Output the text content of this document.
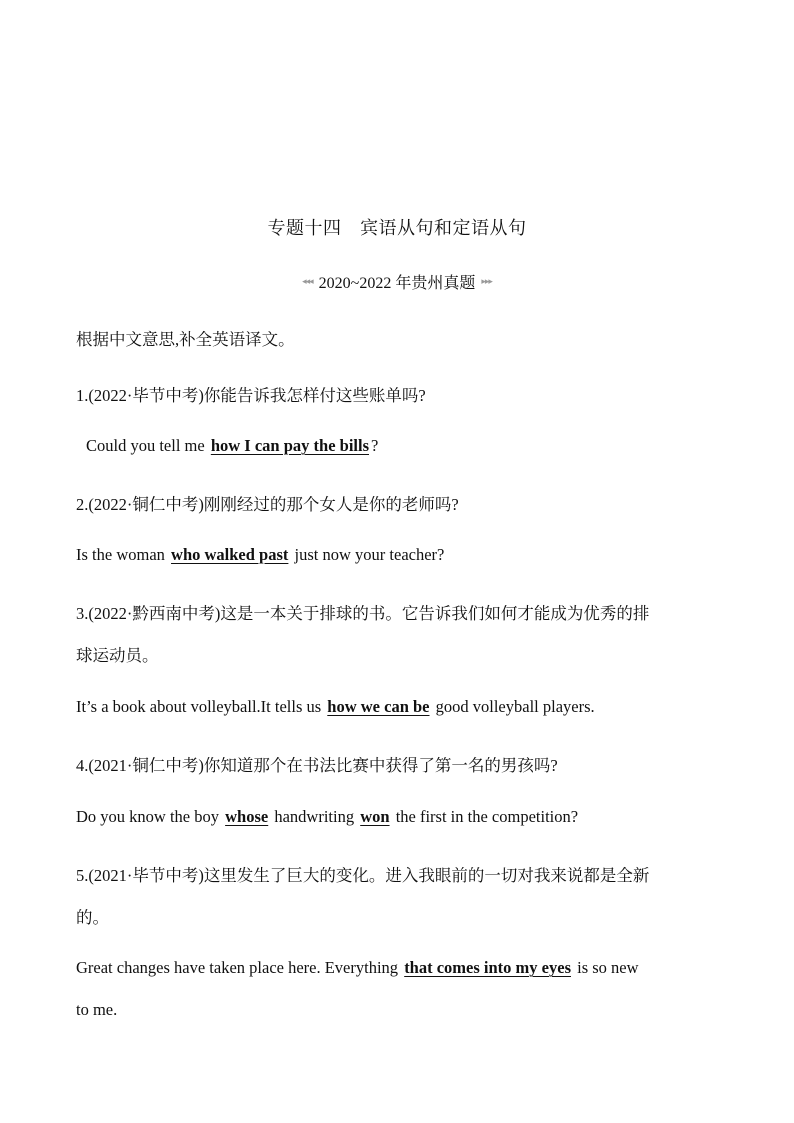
专题十四　宾语从句和定语从句
◂◂◂ 2020~2022 年贵州真题 ▸▸▸
根据中文意思,补全英语译文。
1.(2022·毕节中考)你能告诉我怎样付这些账单吗?
Could you tell me how I can pay the bills ?
2.(2022·铜仁中考)刚刚经过的那个女人是你的老师吗?
Is the woman who walked past just now your teacher?
3.(2022·黔西南中考)这是一本关于排球的书。它告诉我们如何才能成为优秀的排
球运动员。
It’s a book about volleyball.It tells us how we can be good volleyball players.
4.(2021·铜仁中考)你知道那个在书法比赛中获得了第一名的男孩吗?
Do you know the boy whose handwriting won the first in the competition?
5.(2021·毕节中考)这里发生了巨大的变化。进入我眼前的一切对我来说都是全新
的。
Great changes have taken place here. Everything that comes into my eyes is so new
to me.
